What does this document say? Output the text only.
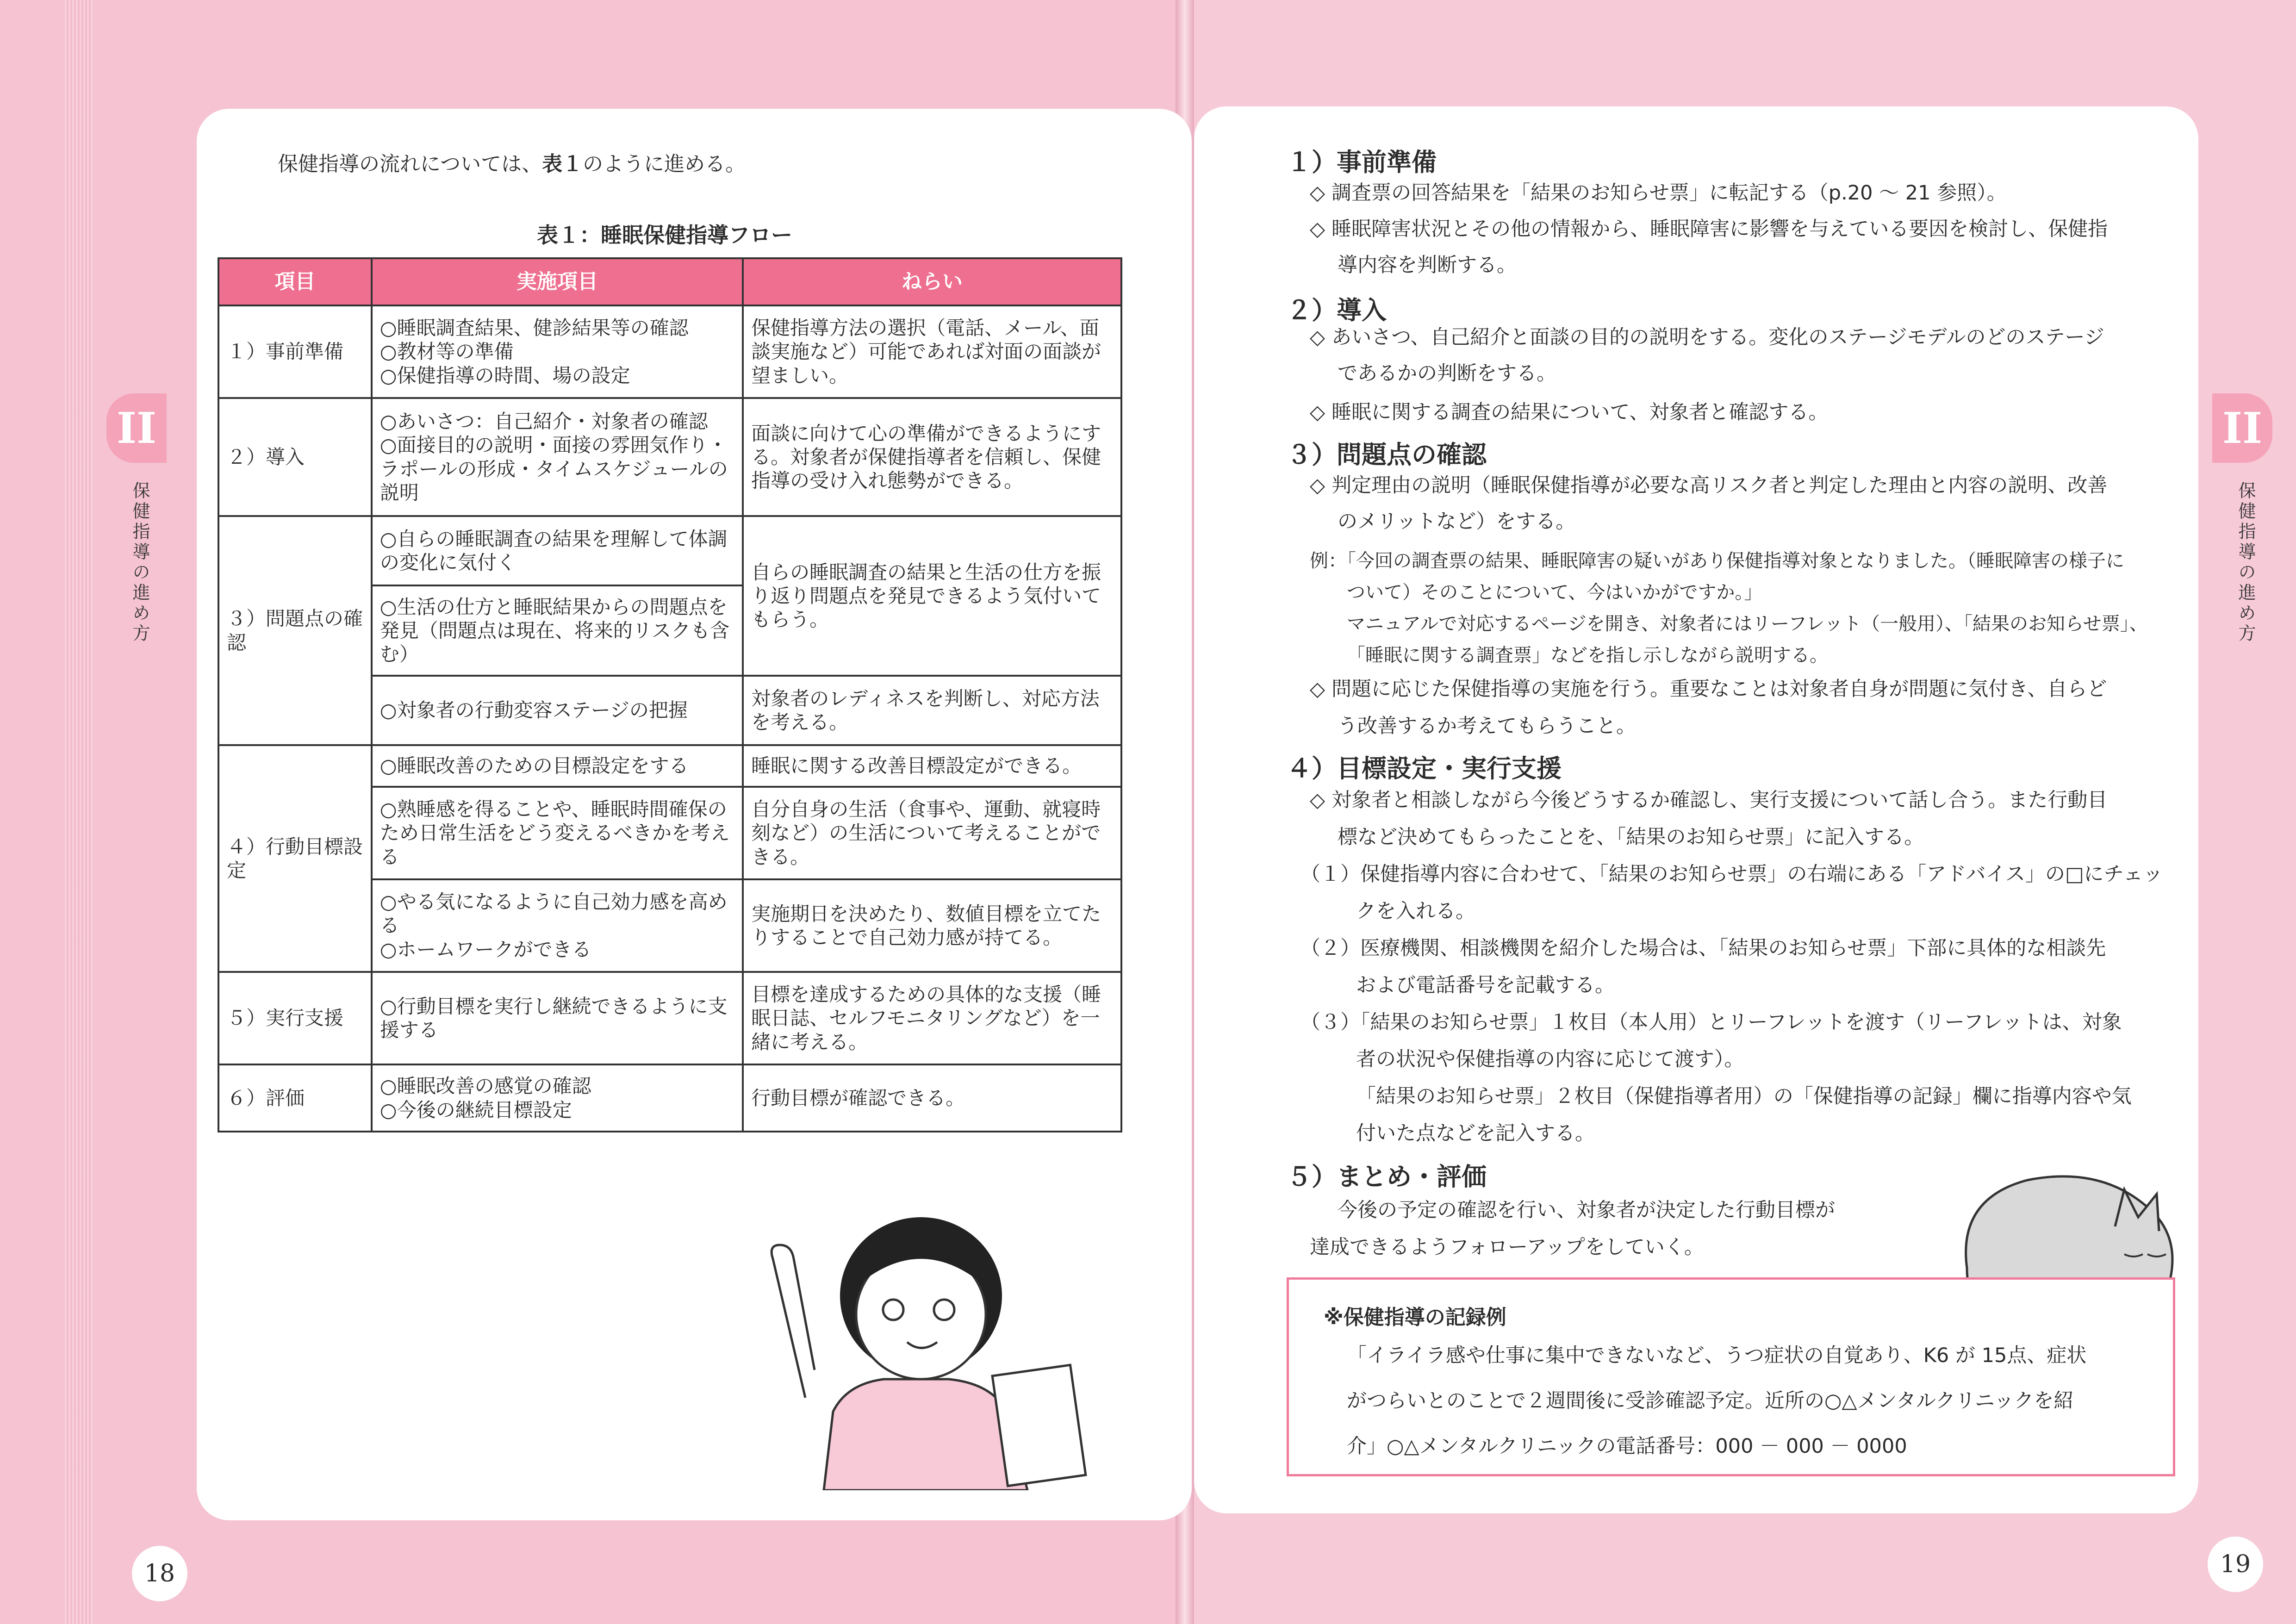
II
保健指導の進め方
II
保健指導の進め方
保健指導の流れについては、表１のように進める。
表１：睡眠保健指導フロー
項目	実施項目	ねらい
１）事前準備	○睡眠調査結果、健診結果等の確認
○教材等の準備
○保健指導の時間、場の設定	保健指導方法の選択（電話、メール、面談実施など）可能であれば対面の面談が望ましい。
２）導入	○あいさつ：自己紹介・対象者の確認
○面接目的の説明・面接の雰囲気作り・ラポールの形成・タイムスケジュールの説明	面談に向けて心の準備ができるようにする。対象者が保健指導者を信頼し、保健指導の受け入れ態勢ができる。
３）問題点の確認	○自らの睡眠調査の結果を理解して体調の変化に気付く	自らの睡眠調査の結果と生活の仕方を振り返り問題点を発見できるよう気付いてもらう。
	○生活の仕方と睡眠結果からの問題点を発見（問題点は現在、将来的リスクも含む）	
	○対象者の行動変容ステージの把握	対象者のレディネスを判断し、対応方法を考える。
４）行動目標設定	○睡眠改善のための目標設定をする	睡眠に関する改善目標設定ができる。
	○熟睡感を得ることや、睡眠時間確保のため日常生活をどう変えるべきかを考える	自分自身の生活（食事や、運動、就寝時刻など）の生活について考えることができる。

	○やる気になるように自己効力感を高める
○ホームワークができる	実施期日を決めたり、数値目標を立てたりすることで自己効力感が持てる。
５）実行支援	○行動目標を実行し継続できるように支援する	目標を達成するための具体的な支援（睡眠日誌、セルフモニタリングなど）を一緒に考える。
６）評価	○睡眠改善の感覚の確認
○今後の継続目標設定	行動目標が確認できる。
18
１）事前準備
◇ 調査票の回答結果を「結果のお知らせ票」に転記する（p.20 ～ 21 参照）。
◇ 睡眠障害状況とその他の情報から、睡眠障害に影響を与えている要因を検討し、保健指
導内容を判断する。
２）導入
◇ あいさつ、自己紹介と面談の目的の説明をする。変化のステージモデルのどのステージ
であるかの判断をする。
◇ 睡眠に関する調査の結果について、対象者と確認する。
３）問題点の確認
◇ 判定理由の説明（睡眠保健指導が必要な高リスク者と判定した理由と内容の説明、改善
のメリットなど）をする。
例：「今回の調査票の結果、睡眠障害の疑いがあり保健指導対象となりました。（睡眠障害の様子に
ついて）そのことについて、今はいかがですか。」
マニュアルで対応するページを開き、対象者にはリーフレット（一般用）、「結果のお知らせ票」、
「睡眠に関する調査票」などを指し示しながら説明する。
◇ 問題に応じた保健指導の実施を行う。重要なことは対象者自身が問題に気付き、自らど
う改善するか考えてもらうこと。
４）目標設定・実行支援
◇ 対象者と相談しながら今後どうするか確認し、実行支援について話し合う。また行動目
標など決めてもらったことを、「結果のお知らせ票」に記入する。
（１）保健指導内容に合わせて、「結果のお知らせ票」の右端にある「アドバイス」の□にチェッ
クを入れる。
（２）医療機関、相談機関を紹介した場合は、「結果のお知らせ票」下部に具体的な相談先
および電話番号を記載する。
（３）「結果のお知らせ票」１枚目（本人用）とリーフレットを渡す（リーフレットは、対象
者の状況や保健指導の内容に応じて渡す）。
「結果のお知らせ票」２枚目（保健指導者用）の「保健指導の記録」欄に指導内容や気
付いた点などを記入する。
５）まとめ・評価
今後の予定の確認を行い、対象者が決定した行動目標が
達成できるようフォローアップをしていく。
※保健指導の記録例
「イライラ感や仕事に集中できないなど、うつ症状の自覚あり、K6 が 15点、症状
がつらいとのことで２週間後に受診確認予定。近所の○△メンタルクリニックを紹
介」○△メンタルクリニックの電話番号：000 － 000 － 0000
19
